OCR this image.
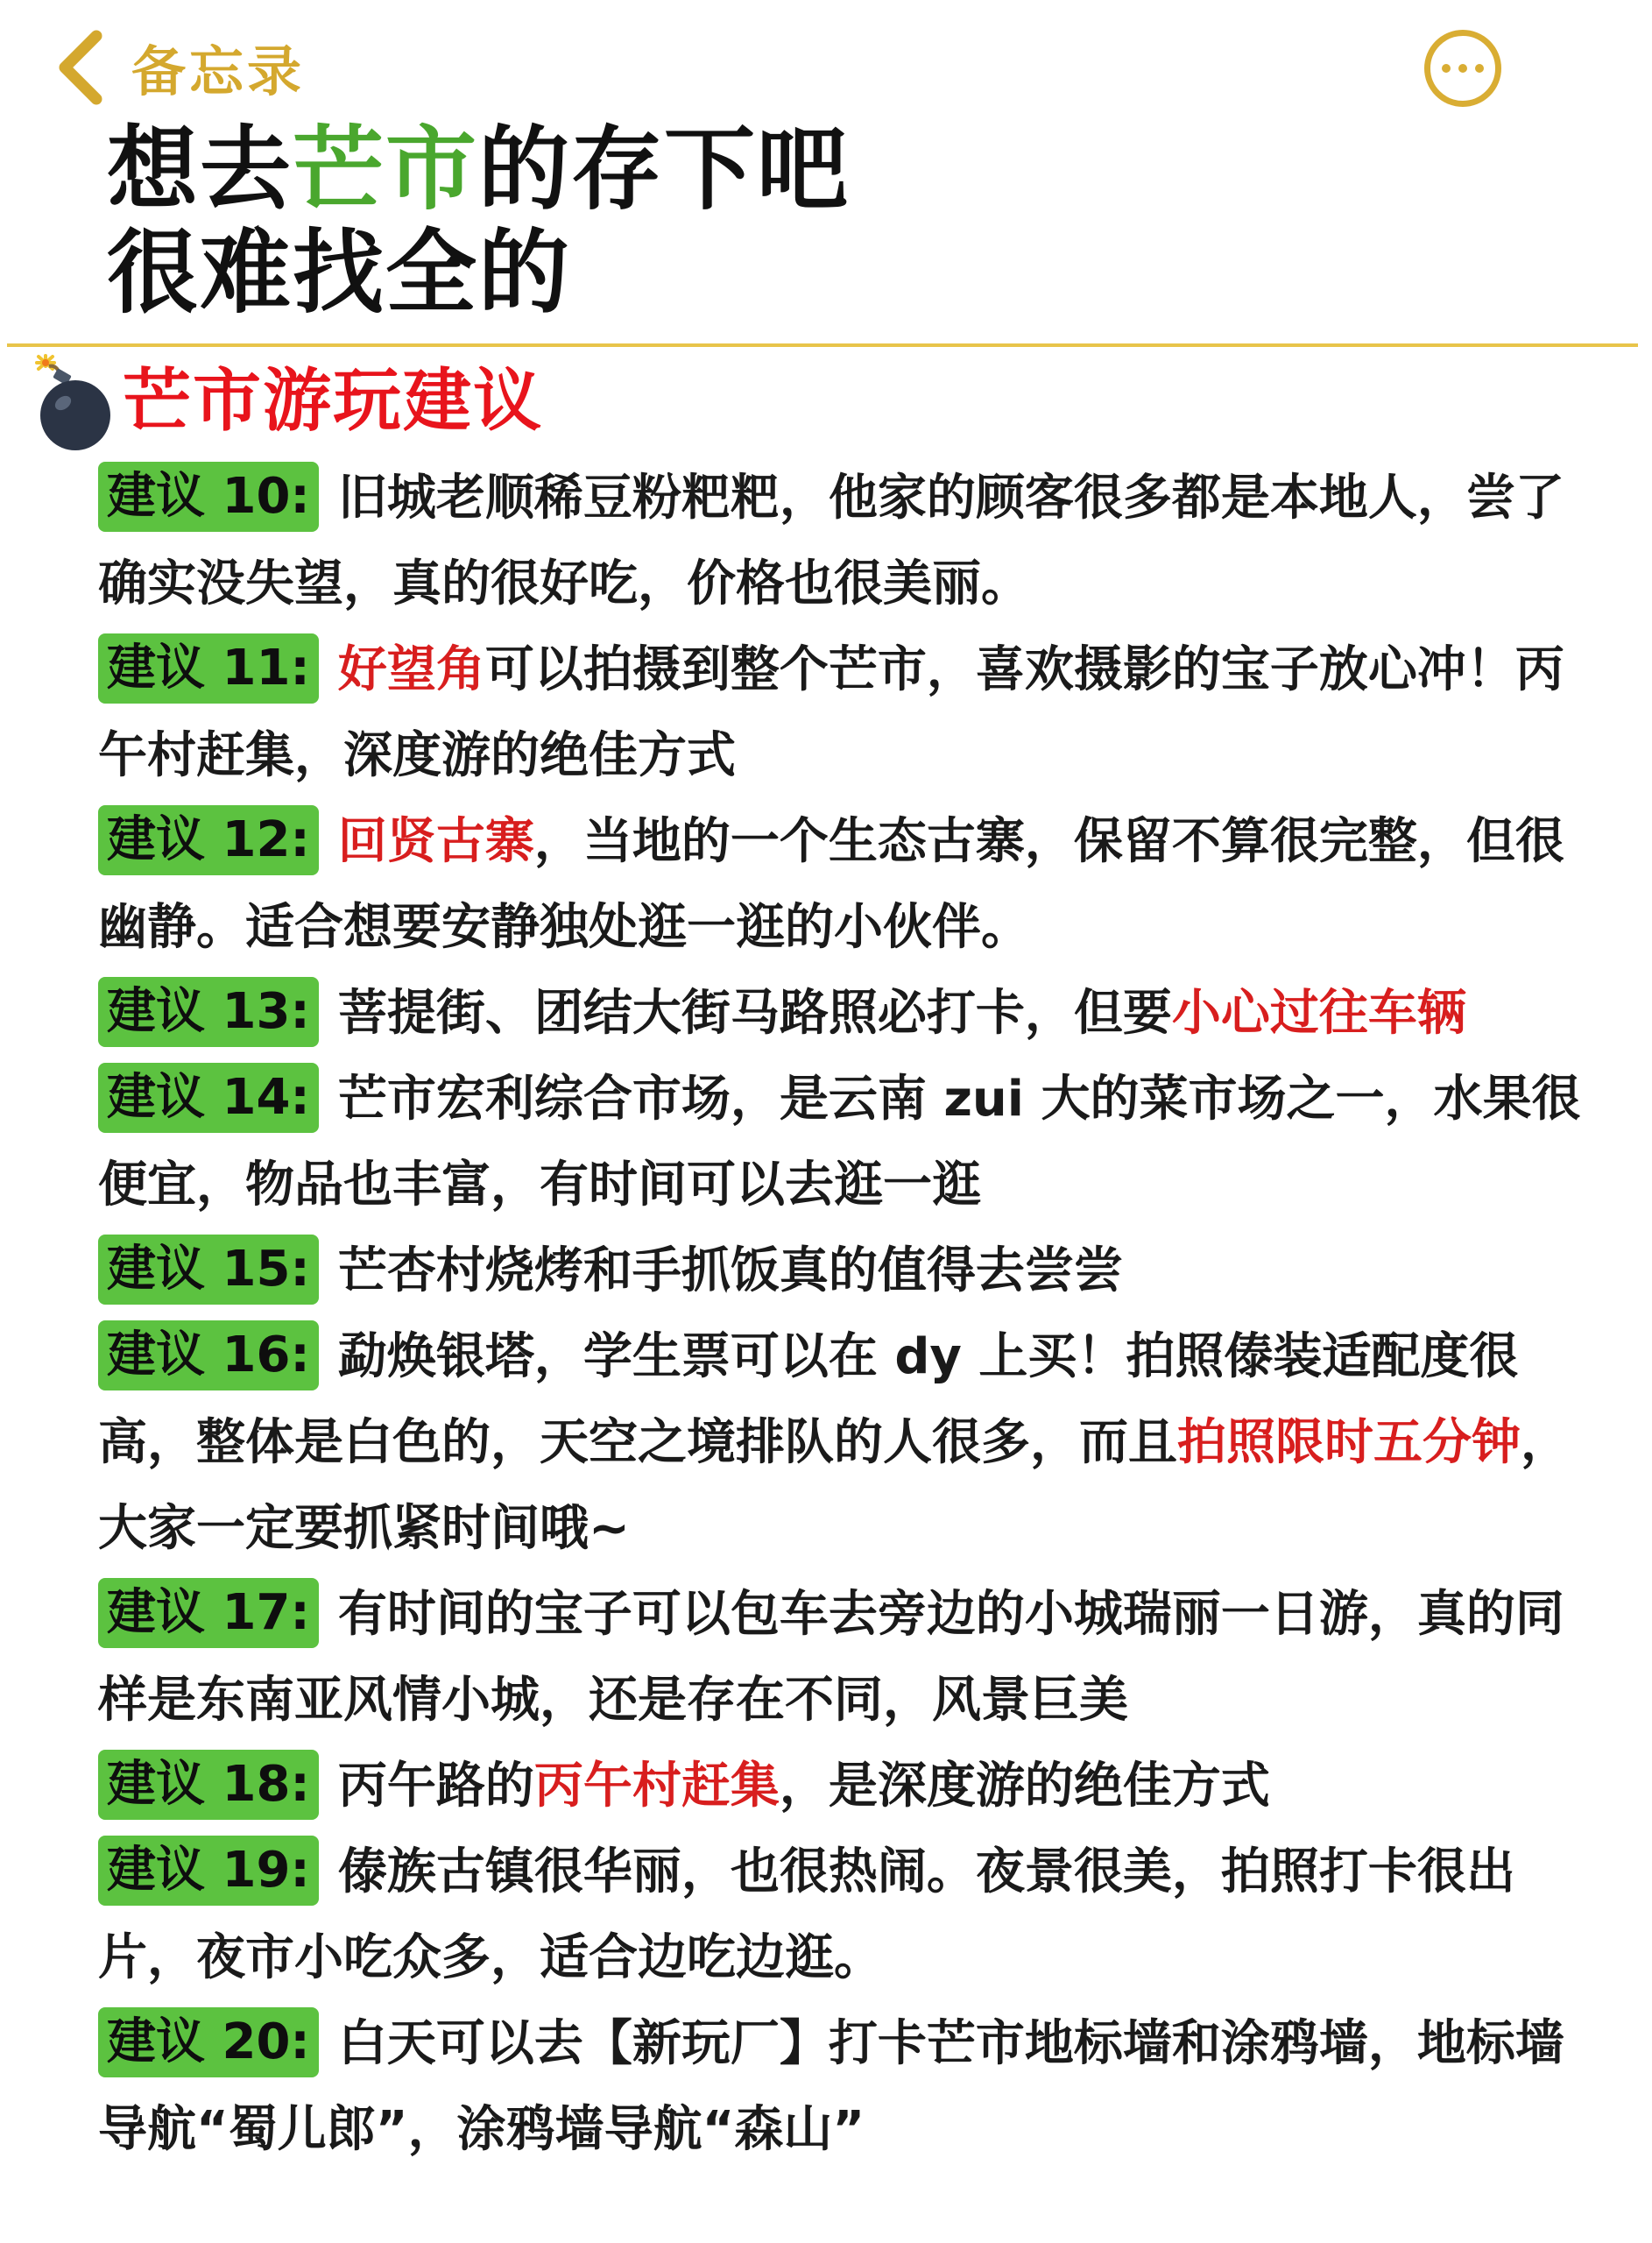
备忘录
想去芒市的存下吧
很难找全的
芒市游玩建议
建议 10: 旧城老顺稀豆粉粑粑，他家的顾客很多都是本地人，尝了确实没失望，真的很好吃，价格也很美丽。
建议 11: 好望角可以拍摄到整个芒市，喜欢摄影的宝子放心冲！丙午村赶集，深度游的绝佳方式
建议 12: 回贤古寨，当地的一个生态古寨，保留不算很完整，但很幽静。适合想要安静独处逛一逛的小伙伴。
建议 13: 菩提街、团结大街马路照必打卡，但要小心过往车辆
建议 14: 芒市宏利综合市场，是云南 zui 大的菜市场之一，水果很便宜，物品也丰富，有时间可以去逛一逛
建议 15: 芒杏村烧烤和手抓饭真的值得去尝尝
建议 16: 勐焕银塔，学生票可以在 dy 上买！拍照傣装适配度很高，整体是白色的，天空之境排队的人很多，而且拍照限时五分钟，大家一定要抓紧时间哦~
建议 17: 有时间的宝子可以包车去旁边的小城瑞丽一日游，真的同样是东南亚风情小城，还是存在不同，风景巨美
建议 18: 丙午路的丙午村赶集，是深度游的绝佳方式
建议 19: 傣族古镇很华丽，也很热闹。夜景很美，拍照打卡很出片，夜市小吃众多，适合边吃边逛。
建议 20: 白天可以去【新玩厂】打卡芒市地标墙和涂鸦墙，地标墙导航“蜀儿郎”，涂鸦墙导航“森山”
